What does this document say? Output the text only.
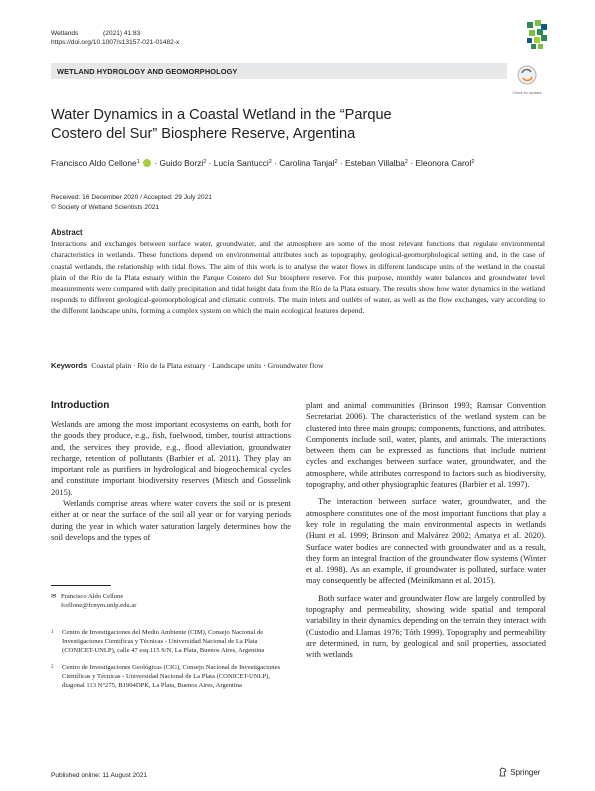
Wetlands	(2021) 41:83
https://doi.org/10.1007/s13157-021-01482-x
WETLAND HYDROLOGY AND GEOMORPHOLOGY
Check for updates
Water Dynamics in a Coastal Wetland in the “Parque Costero del Sur” Biosphere Reserve, Argentina
Francisco Aldo Cellone$^1$  · Guido Borzi$^2$ · Lucía Santucci$^2$ · Carolina Tanjal$^2$ · Esteban Villalba$^2$ · Eleonora Carol$^2$
Received: 16 December 2020 / Accepted: 29 July 2021
© Society of Wetland Scientists 2021
Abstract

Interactions and exchanges between surface water, groundwater, and the atmosphere are some of the most relevant functions that regulate environmental characteristics in wetlands. These functions depend on environmental attributes such as topography, geological-geomorphological setting and, in the case of coastal wetlands, the relationship with tidal flows. The aim of this work is to analyse the water flows in different landscape units of the wetland in the coastal plain of the Río de la Plata estuary within the Parque Costero del Sur biosphere reserve. For this purpose, monthly water balances and groundwater level measurements were compared with daily precipitation and tidal height data from the Río de la Plata estuary. The results show how water dynamics in the wetland responds to different geological-geomorphological and climatic controls. The main inlets and outlets of water, as well as the flow exchanges, vary according to the different landscape units, forming a complex system on which the main ecological features depend.

Keywords Coastal plain · Río de la Plata estuary · Landscape units · Groundwater flow
Introduction

Wetlands are among the most important ecosystems on earth, both for the goods they produce, e.g., fish, fuelwood, timber, tourist attractions and, the services they provide, e.g., flood alleviation, groundwater recharge, retention of pollutants (Barbier et al. 2011). They play an important role as purifiers in hydrological and biogeochemical cycles and constitute important biodiversity reserves (Mitsch and Gosselink 2015).

Wetlands comprise areas where water covers the soil or is present either at or near the surface of the soil all year or for varying periods during the year in which water saturation largely determines how the soil develops and the types of

plant and animal communities (Brinson 1993; Ramsar Convention Secretariat 2006). The characteristics of the wetland system can be clustered into three main groups: components, functions, and attributes. Components include soil, water, plants, and animals. The interactions between them can be expressed as functions that include nutrient cycles and exchanges between surface water, groundwater, and the atmosphere, while attributes correspond to factors such as biodiversity, topography, and other physiographic features (Barbier et al. 1997).

The interaction between surface water, groundwater, and the atmosphere constitutes one of the most important functions that play a key role in regulating the main environmental aspects in wetlands (Hunt et al. 1999; Brinson and Malvárez 2002; Amatya et al. 2020). Surface water bodies are connected with groundwater and as a result, they form an integral fraction of the groundwater flow systems (Winter et al. 1998). As an example, if groundwater is polluted, surface water may consequently be affected (Meinikmann et al. 2015).

Both surface water and groundwater flow are largely controlled by topography and permeability, showing wide spatial and temporal variability in their dynamics depending on the terrain they interact with (Custodio and Llamas 1976; Tóth 1999). Topography and permeability are determined, in turn, by geological and soil properties, associated with wetlands

✉ Francisco Aldo Cellone
fcellone@fcnym.unlp.edu.ar
1	Centro de Investigaciones del Medio Ambiente (CIM), Consejo Nacional de Investigaciones Científicas y Técnicas - Universidad Nacional de La Plata (CONICET-UNLP), calle 47 esq.115 S/N, La Plata, Buenos Aires, Argentina
2	Centro de Investigaciones Geológicas (CIG), Consejo Nacional de Investigaciones Científicas y Técnicas - Universidad Nacional de La Plata (CONICET-UNLP), diagonal 113 N°275, B1904DPK, La Plata, Buenos Aires, Argentina
Published online: 11 August 2021	Springer
